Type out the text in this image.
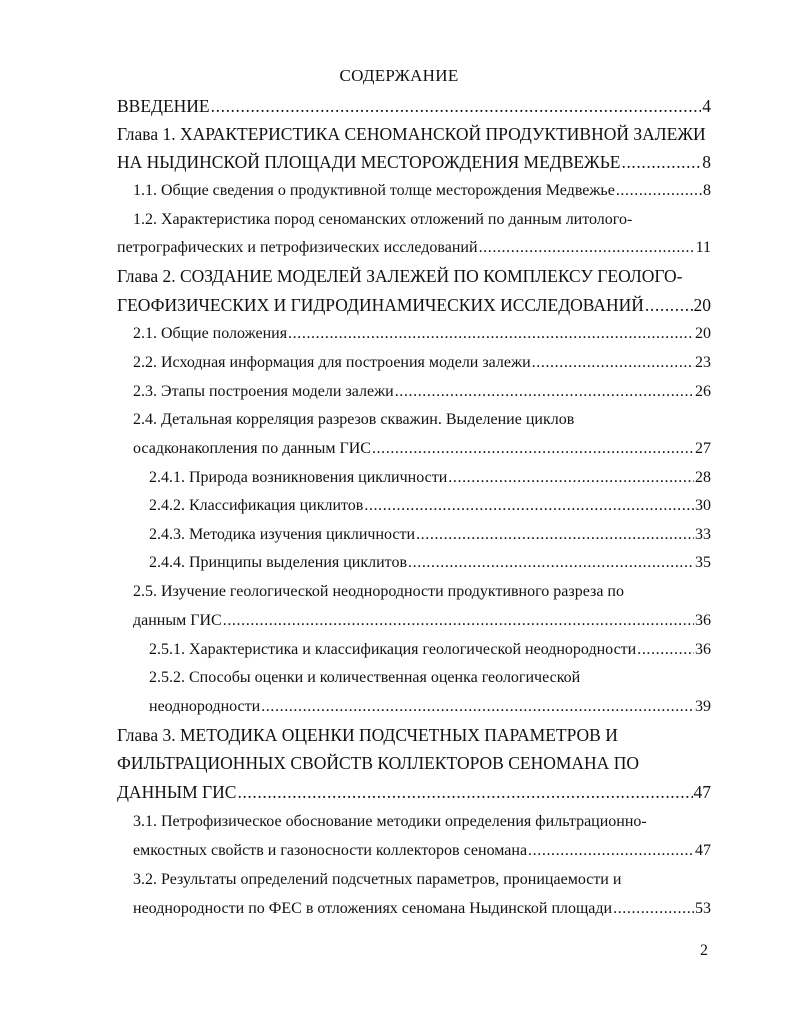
СОДЕРЖАНИЕ
ВВЕДЕНИЕ .....	4
Глава 1. ХАРАКТЕРИСТИКА СЕНОМАНСКОЙ ПРОДУКТИВНОЙ ЗАЛЕЖИ
НА НЫДИНСКОЙ ПЛОЩАДИ МЕСТОРОЖДЕНИЯ МЕДВЕЖЬЕ .....	8
1.1. Общие сведения о продуктивной толще месторождения Медвежье .....	8
1.2. Характеристика пород сеноманских отложений по данным литолого-
петрографических и петрофизических исследований .....	11
Глава 2. СОЗДАНИЕ МОДЕЛЕЙ ЗАЛЕЖЕЙ ПО КОМПЛЕКСУ ГЕОЛОГО-
ГЕОФИЗИЧЕСКИХ И ГИДРОДИНАМИЧЕСКИХ ИССЛЕДОВАНИЙ .....	20
2.1. Общие положения .....	20
2.2. Исходная информация для построения модели залежи .....	23
2.3. Этапы построения модели залежи .....	26
2.4. Детальная корреляция разрезов скважин. Выделение циклов
осадконакопления по данным ГИС .....	27
2.4.1. Природа возникновения цикличности .....	28
2.4.2. Классификация циклитов .....	30
2.4.3. Методика изучения цикличности .....	33
2.4.4. Принципы выделения циклитов .....	35
2.5. Изучение геологической неоднородности продуктивного разреза по
данным ГИС .....	36
2.5.1. Характеристика и классификация геологической неоднородности .....	36
2.5.2. Способы оценки и количественная оценка геологической
неоднородности .....	39
Глава 3. МЕТОДИКА ОЦЕНКИ ПОДСЧЕТНЫХ ПАРАМЕТРОВ И
ФИЛЬТРАЦИОННЫХ СВОЙСТВ КОЛЛЕКТОРОВ СЕНОМАНА ПО
ДАННЫМ ГИС .....	47
3.1. Петрофизическое обоснование методики определения фильтрационно-
емкостных свойств и газоносности коллекторов сеномана .....	47
3.2. Результаты определений подсчетных параметров, проницаемости и
неоднородности по ФЕС в отложениях сеномана Ныдинской площади .....	53
2
